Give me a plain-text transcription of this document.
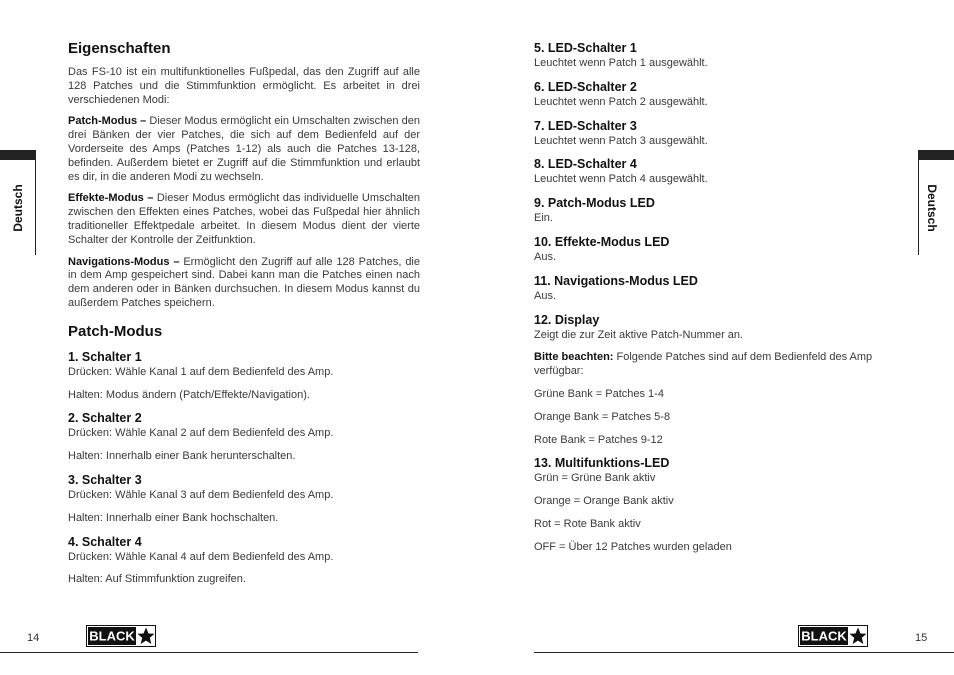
Deutsch	Deutsch
Eigenschaften

Das FS-10 ist ein multifunktionelles Fußpedal, das den Zugriff auf alle 128 Patches und die Stimmfunktion ermöglicht. Es arbeitet in drei verschiedenen Modi:

Patch-Modus – Dieser Modus ermöglicht ein Umschalten zwischen den drei Bänken der vier Patches, die sich auf dem Bedienfeld auf der Vorderseite des Amps (Patches 1-12) als auch die Patches 13-128, befinden. Außerdem bietet er Zugriff auf die Stimmfunktion und erlaubt es dir, in die anderen Modi zu wechseln.

Effekte-Modus – Dieser Modus ermöglicht das individuelle Umschalten zwischen den Effekten eines Patches, wobei das Fußpedal hier ähnlich traditioneller Effektpedale arbeitet. In diesem Modus dient der vierte Schalter der Kontrolle der Zeitfunktion.

Navigations-Modus – Ermöglicht den Zugriff auf alle 128 Patches, die in dem Amp gespeichert sind. Dabei kann man die Patches einen nach dem anderen oder in Bänken durchsuchen. In diesem Modus kannst du außerdem Patches speichern.

Patch-Modus
1. Schalter 1

Drücken: Wähle Kanal 1 auf dem Bedienfeld des Amp.

Halten: Modus ändern (Patch/Effekte/Navigation).

2. Schalter 2

Drücken: Wähle Kanal 2 auf dem Bedienfeld des Amp.

Halten: Innerhalb einer Bank herunterschalten.

3. Schalter 3

Drücken: Wähle Kanal 3 auf dem Bedienfeld des Amp.

Halten: Innerhalb einer Bank hochschalten.

4. Schalter 4

Drücken: Wähle Kanal 4 auf dem Bedienfeld des Amp.

Halten: Auf Stimmfunktion zugreifen.

5. LED-Schalter 1

Leuchtet wenn Patch 1 ausgewählt.

6. LED-Schalter 2

Leuchtet wenn Patch 2 ausgewählt.

7. LED-Schalter 3

Leuchtet wenn Patch 3 ausgewählt.

8. LED-Schalter 4

Leuchtet wenn Patch 4 ausgewählt.

9. Patch-Modus LED

Ein.

10. Effekte-Modus LED

Aus.

11. Navigations-Modus LED

Aus.

12. Display

Zeigt die zur Zeit aktive Patch-Nummer an.

Bitte beachten: Folgende Patches sind auf dem Bedienfeld des Amp verfügbar:

Grüne Bank = Patches 1-4

Orange Bank = Patches 5-8

Rote Bank = Patches 9-12

13. Multifunktions-LED

Grün = Grüne Bank aktiv

Orange = Orange Bank aktiv

Rot = Rote Bank aktiv

OFF = Über 12 Patches wurden geladen

14	15
BLACK	BLACK
